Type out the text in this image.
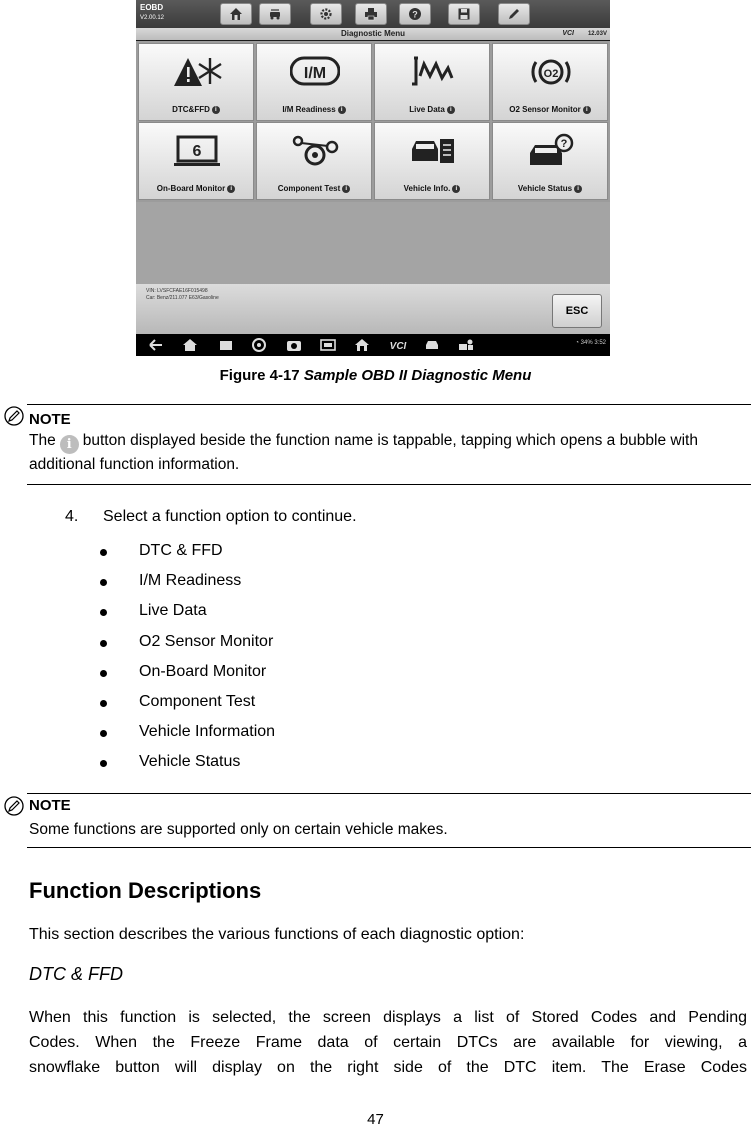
EOBD
V2.00.12	?
Diagnostic Menu	VCI 12.03V
DTC&FFD i
I/M
I/M Readiness i	Live Data i
O2
O2 Sensor Monitor i
6
On-Board Monitor i	Component Test i	Vehicle Info. i
?
Vehicle Status i
VIN: LVSFCFAE16F015498
Car: Benz/211.077 E63/Gasoline
ESC
VCI	◔ 34% 3:52
Figure 4-17 Sample OBD II Diagnostic Menu
NOTE
The i button displayed beside the function name is tappable, tapping which opens a bubble with additional function information.
4. Select a function option to continue.
DTC & FFD
I/M Readiness
Live Data
O2 Sensor Monitor
On-Board Monitor
Component Test
Vehicle Information
Vehicle Status
NOTE
Some functions are supported only on certain vehicle makes.
Function Descriptions
This section describes the various functions of each diagnostic option:
DTC & FFD
When this function is selected, the screen displays a list of Stored Codes and Pending
Codes. When the Freeze Frame data of certain DTCs are available for viewing, a
snowflake button will display on the right side of the DTC item. The Erase Codes
47
